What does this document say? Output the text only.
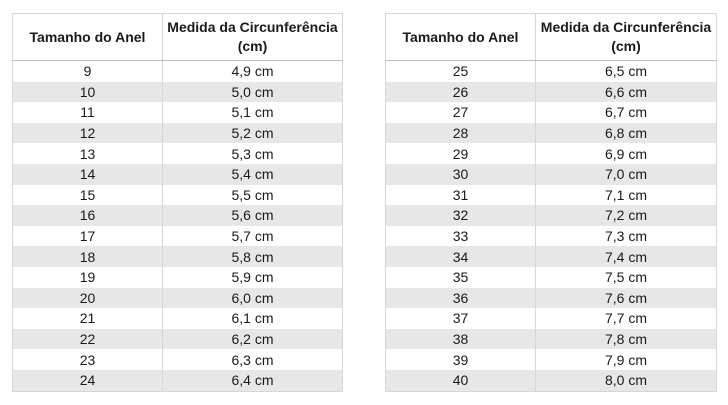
Tamanho do Anel	Medida da Circunferência (cm)
9	4,9 cm
10	5,0 cm
11	5,1 cm
12	5,2 cm
13	5,3 cm
14	5,4 cm
15	5,5 cm
16	5,6 cm
17	5,7 cm
18	5,8 cm
19	5,9 cm
20	6,0 cm
21	6,1 cm
22	6,2 cm
23	6,3 cm
24	6,4 cm
Tamanho do Anel	Medida da Circunferência (cm)
25	6,5 cm
26	6,6 cm
27	6,7 cm
28	6,8 cm
29	6,9 cm
30	7,0 cm
31	7,1 cm
32	7,2 cm
33	7,3 cm
34	7,4 cm
35	7,5 cm
36	7,6 cm
37	7,7 cm
38	7,8 cm
39	7,9 cm
40	8,0 cm
